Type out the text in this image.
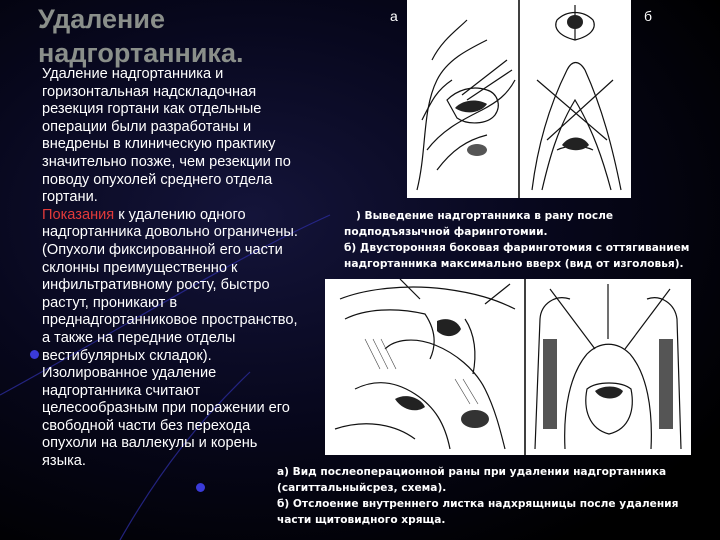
Удаление
надгортанника.
Удаление надгортанника и
горизонтальная надскладочная
резекция гортани как отдельные
операции были разработаны и
внедрены в клиническую практику
значительно позже, чем резекции по
поводу опухолей среднего отдела
гортани.
Показания к удалению одного
надгортанника довольно ограничены.
(Опухоли фиксированной его части
склонны преимущественно к
инфильтративному росту, быстро
растут, проникают в
преднадгортанниковое пространство,
а также на передние отделы
вестибулярных складок).
Изолированное удаление
надгортанника считают
целесообразным при поражении его
свободной части без перехода
опухоли на валлекулы и корень
языка.
а	б
) Выведение надгортанника в рану после
подподъязычной фаринготомии.
б) Двусторонняя боковая фаринготомия с оттягиванием
надгортанника максимально вверх (вид от изголовья).
а) Вид послеоперационной раны при удалении надгортанника
(сагиттальныйсрез, схема).
б) Отслоение внутреннего листка надхрящницы после удаления
части щитовидного хряща.
